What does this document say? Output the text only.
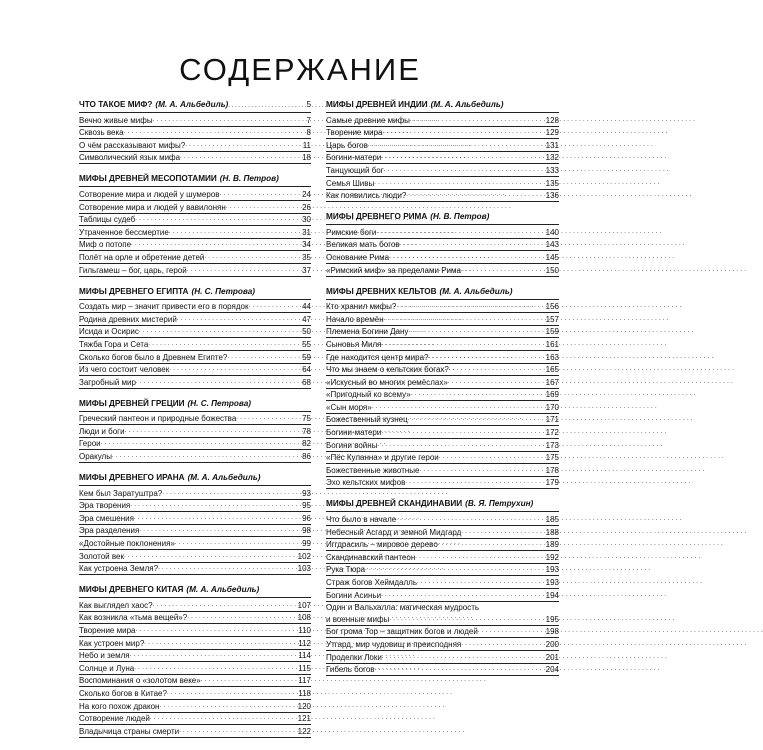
СОДЕРЖАНИЕ
ЧТО ТАКОЕ МИФ? (М. А. Альбедиль) . . .	5
Вечно живые мифы . . .	7
Сквозь века . . .	8
О чём рассказывают мифы? . . .	11
Символический язык мифа . . .	18
МИФЫ ДРЕВНЕЙ МЕСОПОТАМИИ (Н. В. Петров)
Сотворение мира и людей у шумеров . . .	24
Сотворение мира и людей у вавилонян . . .	26
Таблицы судеб . . .	30
Утраченное бессмертие . . .	31
Миф о потопе . . .	34
Полёт на орле и обретение детей . . .	35
Гильгамеш – бог, царь, герой . . .	37
МИФЫ ДРЕВНЕГО ЕГИПТА (Н. С. Петрова)
Создать мир – значит привести его в порядок . . .	44
Родина древних мистерий . . .	47
Исида и Осирис . . .	50
Тяжба Гора и Сета . . .	55
Сколько богов было в Древнем Египте? . . .	59
Из чего состоит человек . . .	64
Загробный мир . . .	68
МИФЫ ДРЕВНЕЙ ГРЕЦИИ (Н. С. Петрова)
Греческий пантеон и природные божества . . .	75
Люди и боги . . .	78
Герои . . .	82
Оракулы . . .	86
МИФЫ ДРЕВНЕГО ИРАНА (М. А. Альбедиль)
Кем был Заратуштра? . . .	93
Эра творения . . .	95
Эра смешения . . .	96
Эра разделения . . .	98
«Достойные поклонения» . . .	99
Золотой век . . .	102
Как устроена Земля? . . .	103
МИФЫ ДРЕВНЕГО КИТАЯ (М. А. Альбедиль)
Как выглядел хаос? . . .	107
Как возникла «тьма вещей»? . . .	108
Творение мира . . .	110
Как устроен мир? . . .	112
Небо и земля . . .	114
Солнце и Луна . . .	115
Воспоминания о «золотом веке» . . .	117
Сколько богов в Китае? . . .	118
На кого похож дракон . . .	120
Сотворение людей . . .	121
Владычица страны смерти . . .	122
МИФЫ ДРЕВНЕЙ ИНДИИ (М. А. Альбедиль)
Самые древние мифы . . .	128
Творение мира . . .	129
Царь богов . . .	131
Богини-матери . . .	132
Танцующий бог . . .	133
Семья Шивы . . .	135
Как появились люди? . . .	136
МИФЫ ДРЕВНЕГО РИМА (Н. В. Петров)
Римские боги . . .	140
Великая мать богов . . .	143
Основание Рима . . .	145
«Римский миф» за пределами Рима . . .	150
МИФЫ ДРЕВНИХ КЕЛЬТОВ (М. А. Альбедиль)
Кто хранил мифы? . . .	156
Начало времён . . .	157
Племена Богини Дану . . .	159
Сыновья Миля . . .	161
Где находится центр мира? . . .	163
Что мы знаем о кельтских богах? . . .	165
«Искусный во многих ремёслах» . . .	167
«Пригодный ко всему» . . .	169
«Сын моря» . . .	170
Божественный кузнец . . .	171
Богини-матери . . .	172
Богини войны . . .	173
«Пёс Куланна» и другие герои . . .	175
Божественные животные . . .	178
Эхо кельтских мифов . . .	179
МИФЫ ДРЕВНЕЙ СКАНДИНАВИИ (В. Я. Петрухин)
Что было в начале . . .	185
Небесный Асгард и земной Мидгард . . .	188
Иггдрасиль – мировое дерево . . .	189
Скандинавский пантеон . . .	192
Рука Тюра . . .	193
Страж богов Хеймдалль . . .	193
Богини Асиньи . . .	194
Один и Вальхалла: магическая мудрость
и военные мифы . . .	195
Бог грома Тор – защитник богов и людей . . .	198
Утгард, мир чудовищ и преисподняя . . .	200
Проделки Локи . . .	201
Гибель богов . . .	204
